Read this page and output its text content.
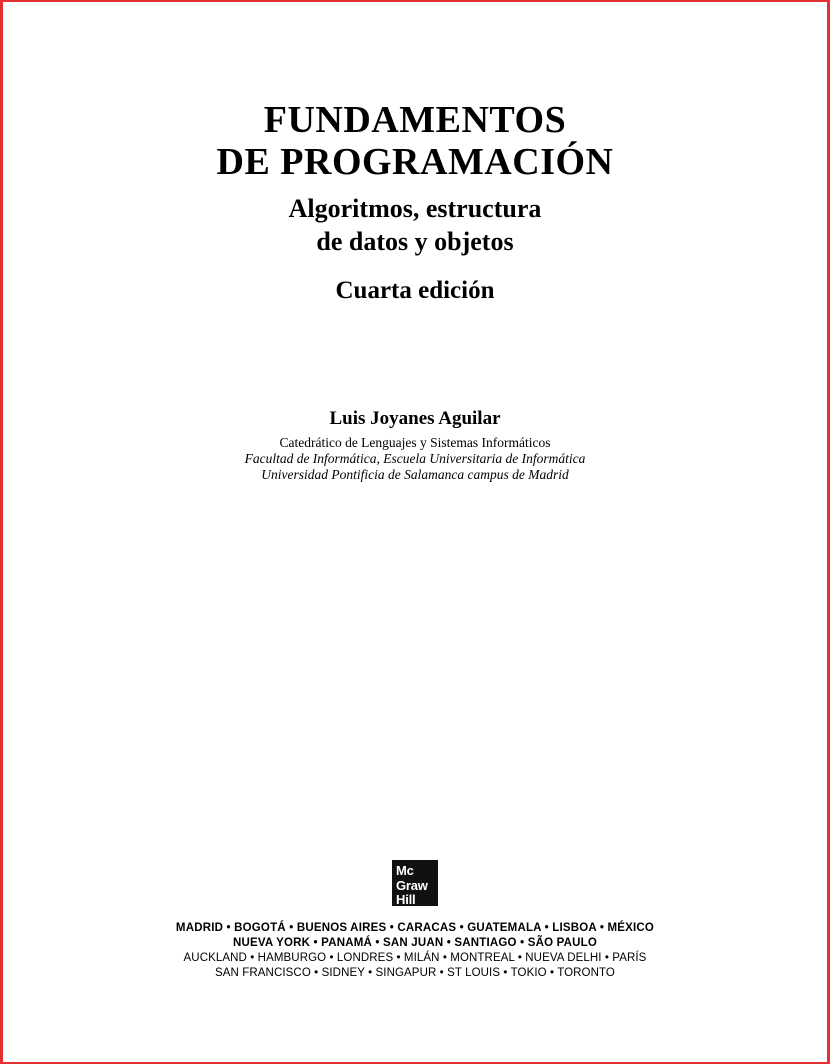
FUNDAMENTOS
DE PROGRAMACIÓN
Algoritmos, estructura
de datos y objetos
Cuarta edición
Luis Joyanes Aguilar
Catedrático de Lenguajes y Sistemas Informáticos
Facultad de Informática, Escuela Universitaria de Informática
Universidad Pontificia de Salamanca campus de Madrid
Mc
Graw
Hill
MADRID • BOGOTÁ • BUENOS AIRES • CARACAS • GUATEMALA • LISBOA • MÉXICO
NUEVA YORK • PANAMÁ • SAN JUAN • SANTIAGO • SÃO PAULO
AUCKLAND • HAMBURGO • LONDRES • MILÁN • MONTREAL • NUEVA DELHI • PARÍS
SAN FRANCISCO • SIDNEY • SINGAPUR • ST LOUIS • TOKIO • TORONTO
